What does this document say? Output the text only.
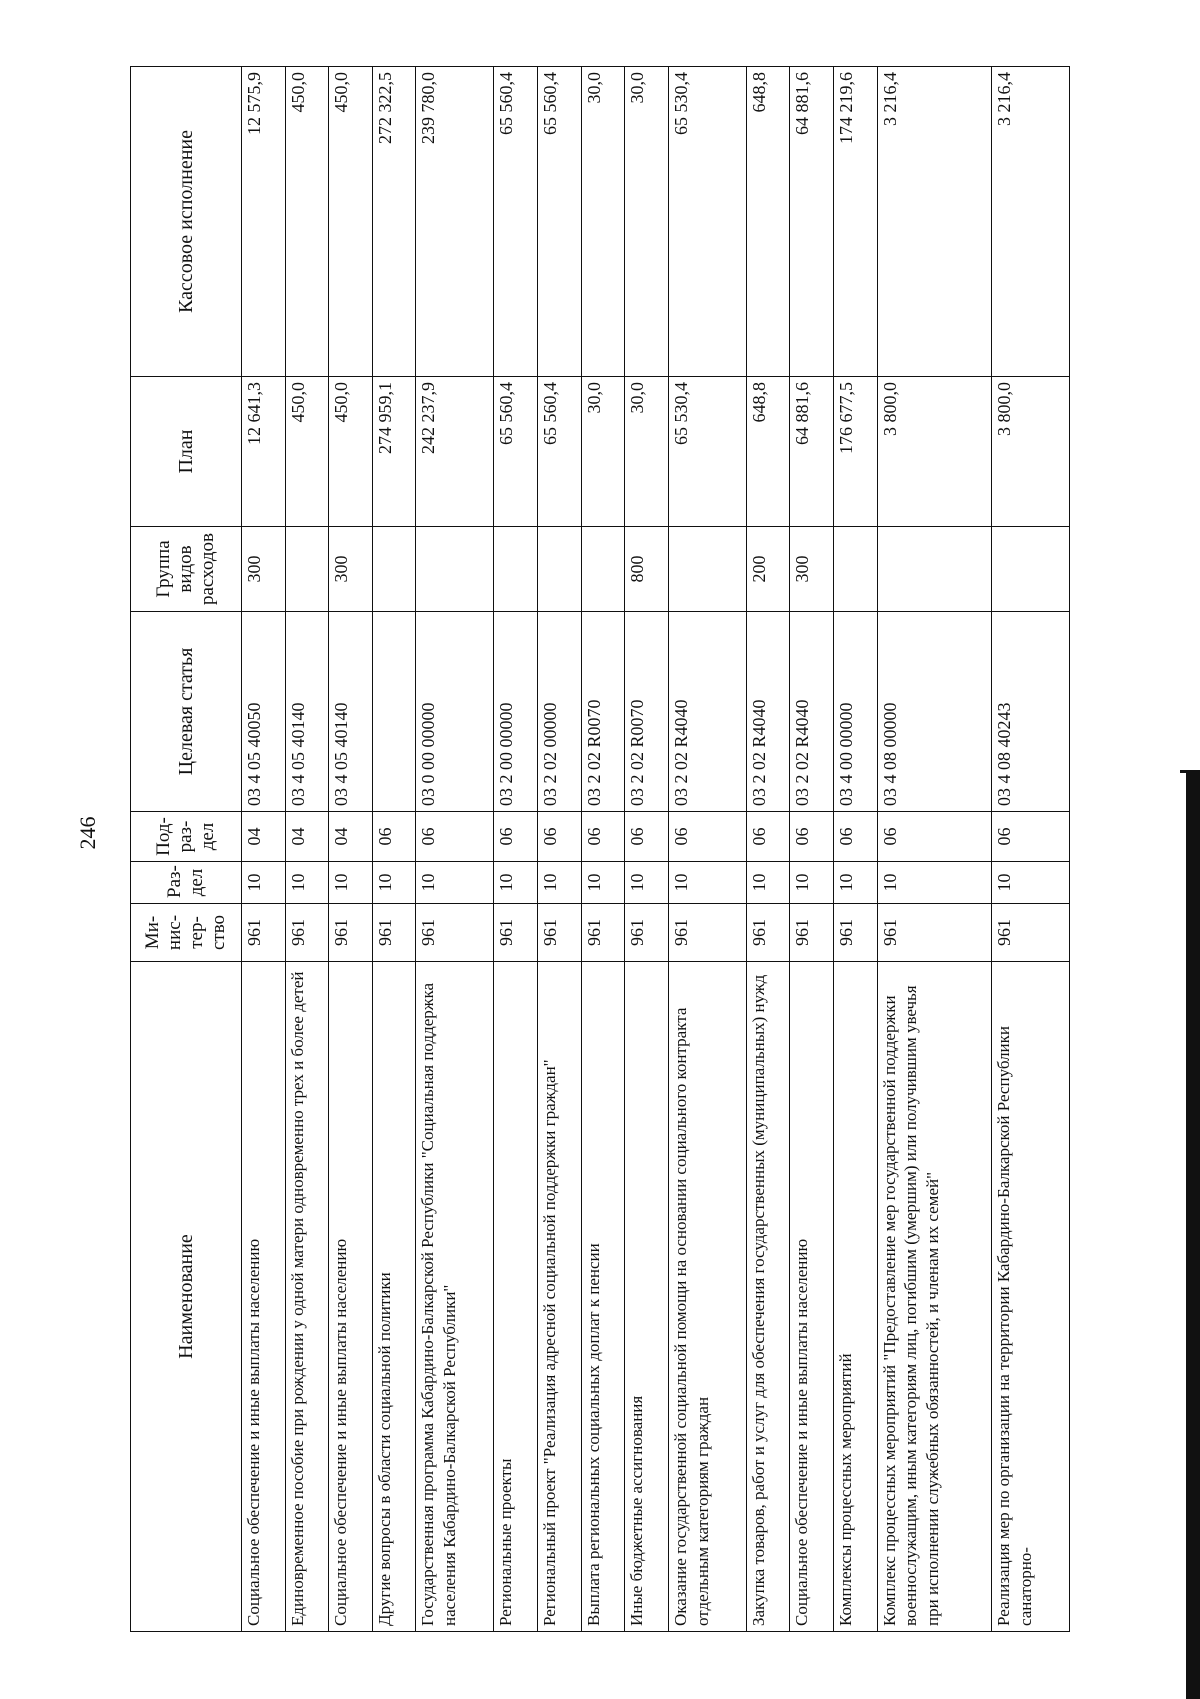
246
Наименование	Ми-нис-тер-ство	Раз-дел	Под-раз-дел	Целевая статья	Группа видов расходов	План	Кассовое исполнение
Социальное обеспечение и иные выплаты населению	961	10	04	03 4 05 40050	300	12 641,3	12 575,9
Единовременное пособие при рождении у одной матери одновременно трех и более детей	961	10	04	03 4 05 40140		450,0	450,0
Социальное обеспечение и иные выплаты населению	961	10	04	03 4 05 40140	300	450,0	450,0
Другие вопросы в области социальной политики	961	10	06			274 959,1	272 322,5
Государственная программа Кабардино-Балкарской Республики "Социальная поддержка населения Кабардино-Балкарской Республики"	961	10	06	03 0 00 00000		242 237,9	239 780,0
Региональные проекты	961	10	06	03 2 00 00000		65 560,4	65 560,4
Региональный проект "Реализация адресной социальной поддержки граждан"	961	10	06	03 2 02 00000		65 560,4	65 560,4
Выплата региональных социальных доплат к пенсии	961	10	06	03 2 02 R0070		30,0	30,0
Иные бюджетные ассигнования	961	10	06	03 2 02 R0070	800	30,0	30,0
Оказание государственной социальной помощи на основании социального контракта отдельным категориям граждан	961	10	06	03 2 02 R4040		65 530,4	65 530,4
Закупка товаров, работ и услуг для обеспечения государственных (муниципальных) нужд	961	10	06	03 2 02 R4040	200	648,8	648,8
Социальное обеспечение и иные выплаты населению	961	10	06	03 2 02 R4040	300	64 881,6	64 881,6
Комплексы процессных мероприятий	961	10	06	03 4 00 00000		176 677,5	174 219,6
Комплекс процессных мероприятий "Предоставление мер государственной поддержки военнослужащим, иным категориям лиц, погибшим (умершим) или получившим увечья при исполнении служебных обязанностей, и членам их семей"	961	10	06	03 4 08 00000		3 800,0	3 216,4
Реализация мер по организации на территории Кабардино-Балкарской Республики санаторно-	961	10	06	03 4 08 40243		3 800,0	3 216,4
